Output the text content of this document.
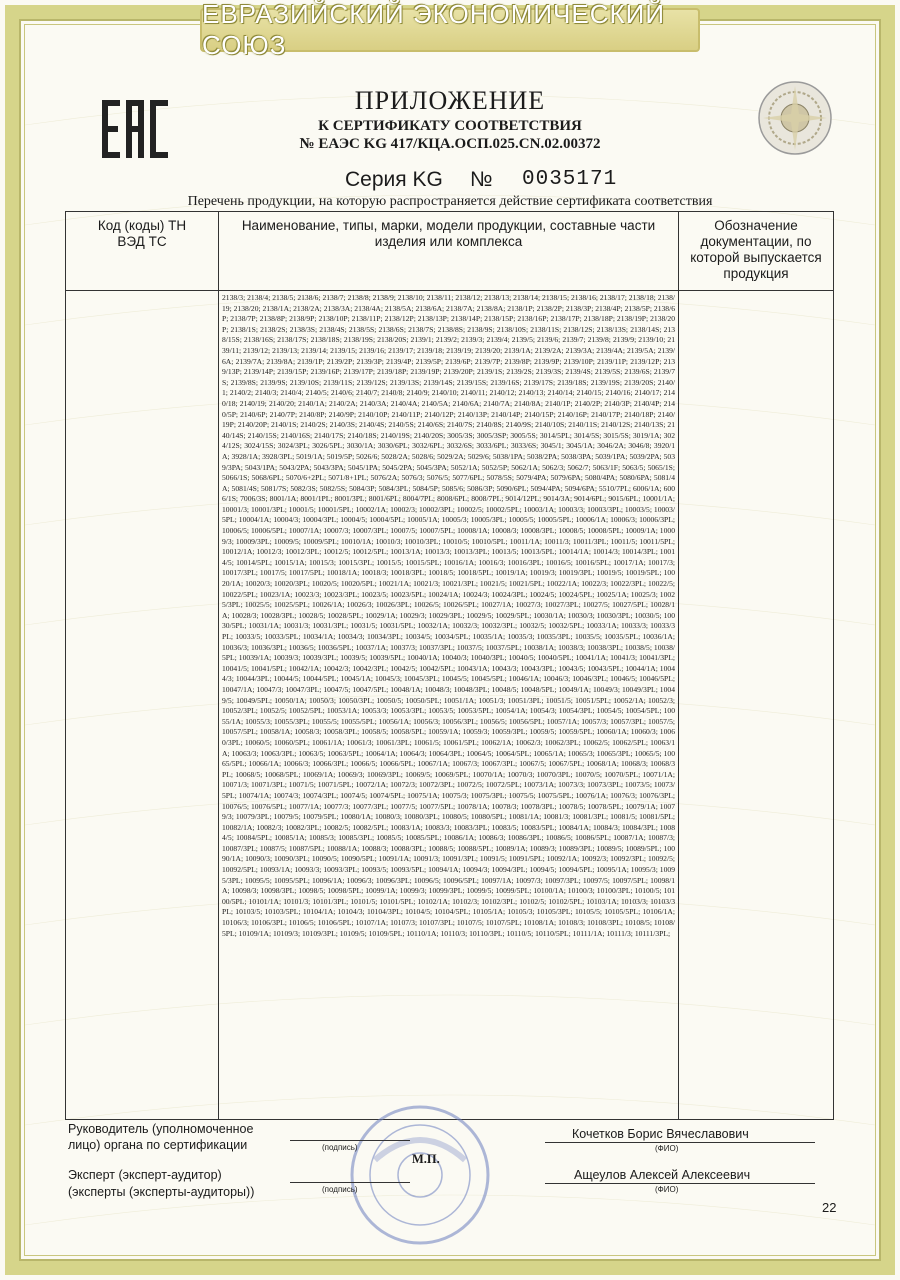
ЕВРАЗИЙСКИЙ ЭКОНОМИЧЕСКИЙ СОЮЗ
ПРИЛОЖЕНИЕ
К СЕРТИФИКАТУ СООТВЕТСТВИЯ
№ ЕАЭС KG 417/КЦА.ОСП.025.CN.02.00372
Серия KG № 0035171
Перечень продукции, на которую распространяется действие сертификата соответствия
Код (коды) ТН ВЭД ТС	Наименование, типы, марки, модели продукции, составные части изделия или комплекса	Обозначение документации, по которой выпускается продукция

	2138/3; 2138/4; 2138/5; 2138/6; 2138/7; 2138/8; 2138/9; 2138/10; 2138/11; 2138/12; 2138/13; 2138/14; 2138/15; 2138/16; 2138/17; 2138/18; 2138/19; 2138/20; 2138/1A; 2138/2A; 2138/3A; 2138/4A; 2138/5A; 2138/6A; 2138/7A; 2138/8A; 2138/1P; 2138/2P; 2138/3P; 2138/4P; 2138/5P; 2138/6P; 2138/7P; 2138/8P; 2138/9P; 2138/10P; 2138/11P; 2138/12P; 2138/13P; 2138/14P; 2138/15P; 2138/16P; 2138/17P; 2138/18P; 2138/19P; 2138/20P; 2138/1S; 2138/2S; 2138/3S; 2138/4S; 2138/5S; 2138/6S; 2138/7S; 2138/8S; 2138/9S; 2138/10S; 2138/11S; 2138/12S; 2138/13S; 2138/14S; 2138/15S; 2138/16S; 2138/17S; 2138/18S; 2138/19S; 2138/20S; 2139/1; 2139/2; 2139/3; 2139/4; 2139/5; 2139/6; 2139/7; 2139/8; 2139/9; 2139/10; 2139/11; 2139/12; 2139/13; 2139/14; 2139/15; 2139/16; 2139/17; 2139/18; 2139/19; 2139/20; 2139/1A; 2139/2A; 2139/3A; 2139/4A; 2139/5A; 2139/6A; 2139/7A; 2139/8A; 2139/1P; 2139/2P; 2139/3P; 2139/4P; 2139/5P; 2139/6P; 2139/7P; 2139/8P; 2139/9P; 2139/10P; 2139/11P; 2139/12P; 2139/13P; 2139/14P; 2139/15P; 2139/16P; 2139/17P; 2139/18P; 2139/19P; 2139/20P; 2139/1S; 2139/2S; 2139/3S; 2139/4S; 2139/5S; 2139/6S; 2139/7S; 2139/8S; 2139/9S; 2139/10S; 2139/11S; 2139/12S; 2139/13S; 2139/14S; 2139/15S; 2139/16S; 2139/17S; 2139/18S; 2139/19S; 2139/20S; 2140/1; 2140/2; 2140/3; 2140/4; 2140/5; 2140/6; 2140/7; 2140/8; 2140/9; 2140/10; 2140/11; 2140/12; 2140/13; 2140/14; 2140/15; 2140/16; 2140/17; 2140/18; 2140/19; 2140/20; 2140/1A; 2140/2A; 2140/3A; 2140/4A; 2140/5A; 2140/6A; 2140/7A; 2140/8A; 2140/1P; 2140/2P; 2140/3P; 2140/4P; 2140/5P; 2140/6P; 2140/7P; 2140/8P; 2140/9P; 2140/10P; 2140/11P; 2140/12P; 2140/13P; 2140/14P; 2140/15P; 2140/16P; 2140/17P; 2140/18P; 2140/19P; 2140/20P; 2140/1S; 2140/2S; 2140/3S; 2140/4S; 2140/5S; 2140/6S; 2140/7S; 2140/8S; 2140/9S; 2140/10S; 2140/11S; 2140/12S; 2140/13S; 2140/14S; 2140/15S; 2140/16S; 2140/17S; 2140/18S; 2140/19S; 2140/20S; 3005/3S; 3005/3SP; 3005/5S; 3014/5PL; 3014/5S; 3015/5S; 3019/1A; 3024/12S; 3024/15S; 3024/3PL; 3026/5PL; 3030/1A; 3030/6PL; 3032/6PL; 3032/6S; 3033/6PL; 3033/6S; 3045/1; 3045/1A; 3046/2A; 3046/8; 3920/1A; 3928/1A; 3928/3PL; 5019/1A; 5019/5P; 5026/6; 5028/2A; 5028/6; 5029/2A; 5029/6; 5038/1PA; 5038/2PA; 5038/3PA; 5039/1PA; 5039/2PA; 5039/3PA; 5043/1PA; 5043/2PA; 5043/3PA; 5045/1PA; 5045/2PA; 5045/3PA; 5052/1A; 5052/5P; 5062/1A; 5062/3; 5062/7; 5063/1F; 5063/5; 5065/1S; 5066/1S; 5068/6PL; 5070/6+2PL; 5071/8+1PL; 5076/2A; 5076/3; 5076/5; 5077/6PL; 5078/5S; 5079/4PA; 5079/6PA; 5080/4PA; 5080/6PA; 5081/4A; 5081/4S; 5081/7S; 5082/3S; 5082/5S; 5084/3P; 5084/3PL; 5084/5P; 5085/6; 5086/3P; 5090/6PL; 5094/4PA; 5094/6PA; 5510/7PL; 6006/1A; 6006/1S; 7006/3S; 8001/1A; 8001/1PL; 8001/3PL; 8001/6PL; 8004/7PL; 8008/6PL; 8008/7PL; 9014/12PL; 9014/3A; 9014/6PL; 9015/6PL; 10001/1A; 10001/3; 10001/3PL; 10001/5; 10001/5PL; 10002/1A; 10002/3; 10002/3PL; 10002/5; 10002/5PL; 10003/1A; 10003/3; 10003/3PL; 10003/5; 10003/5PL; 10004/1A; 10004/3; 10004/3PL; 10004/5; 10004/5PL; 10005/1A; 10005/3; 10005/3PL; 10005/5; 10005/5PL; 10006/1A; 10006/3; 10006/3PL; 10006/5; 10006/5PL; 10007/1A; 10007/3; 10007/3PL; 10007/5; 10007/5PL; 10008/1A; 10008/3; 10008/3PL; 10008/5; 10008/5PL; 10009/1A; 10009/3; 10009/3PL; 10009/5; 10009/5PL; 10010/1A; 10010/3; 10010/3PL; 10010/5; 10010/5PL; 10011/1A; 10011/3; 10011/3PL; 10011/5; 10011/5PL; 10012/1A; 10012/3; 10012/3PL; 10012/5; 10012/5PL; 10013/1A; 10013/3; 10013/3PL; 10013/5; 10013/5PL; 10014/1A; 10014/3; 10014/3PL; 10014/5; 10014/5PL; 10015/1A; 10015/3; 10015/3PL; 10015/5; 10015/5PL; 10016/1A; 10016/3; 10016/3PL; 10016/5; 10016/5PL; 10017/1A; 10017/3; 10017/3PL; 10017/5; 10017/5PL; 10018/1A; 10018/3; 10018/3PL; 10018/5; 10018/5PL; 10019/1A; 10019/3; 10019/3PL; 10019/5; 10019/5PL; 10020/1A; 10020/3; 10020/3PL; 10020/5; 10020/5PL; 10021/1A; 10021/3; 10021/3PL; 10021/5; 10021/5PL; 10022/1A; 10022/3; 10022/3PL; 10022/5; 10022/5PL; 10023/1A; 10023/3; 10023/3PL; 10023/5; 10023/5PL; 10024/1A; 10024/3; 10024/3PL; 10024/5; 10024/5PL; 10025/1A; 10025/3; 10025/3PL; 10025/5; 10025/5PL; 10026/1A; 10026/3; 10026/3PL; 10026/5; 10026/5PL; 10027/1A; 10027/3; 10027/3PL; 10027/5; 10027/5PL; 10028/1A; 10028/3; 10028/3PL; 10028/5; 10028/5PL; 10029/1A; 10029/3; 10029/3PL; 10029/5; 10029/5PL; 10030/1A; 10030/3; 10030/3PL; 10030/5; 10030/5PL; 10031/1A; 10031/3; 10031/3PL; 10031/5; 10031/5PL; 10032/1A; 10032/3; 10032/3PL; 10032/5; 10032/5PL; 10033/1A; 10033/3; 10033/3PL; 10033/5; 10033/5PL; 10034/1A; 10034/3; 10034/3PL; 10034/5; 10034/5PL; 10035/1A; 10035/3; 10035/3PL; 10035/5; 10035/5PL; 10036/1A; 10036/3; 10036/3PL; 10036/5; 10036/5PL; 10037/1A; 10037/3; 10037/3PL; 10037/5; 10037/5PL; 10038/1A; 10038/3; 10038/3PL; 10038/5; 10038/5PL; 10039/1A; 10039/3; 10039/3PL; 10039/5; 10039/5PL; 10040/1A; 10040/3; 10040/3PL; 10040/5; 10040/5PL; 10041/1A; 10041/3; 10041/3PL; 10041/5; 10041/5PL; 10042/1A; 10042/3; 10042/3PL; 10042/5; 10042/5PL; 10043/1A; 10043/3; 10043/3PL; 10043/5; 10043/5PL; 10044/1A; 10044/3; 10044/3PL; 10044/5; 10044/5PL; 10045/1A; 10045/3; 10045/3PL; 10045/5; 10045/5PL; 10046/1A; 10046/3; 10046/3PL; 10046/5; 10046/5PL; 10047/1A; 10047/3; 10047/3PL; 10047/5; 10047/5PL; 10048/1A; 10048/3; 10048/3PL; 10048/5; 10048/5PL; 10049/1A; 10049/3; 10049/3PL; 10049/5; 10049/5PL; 10050/1A; 10050/3; 10050/3PL; 10050/5; 10050/5PL; 10051/1A; 10051/3; 10051/3PL; 10051/5; 10051/5PL; 10052/1A; 10052/3; 10052/3PL; 10052/5; 10052/5PL; 10053/1A; 10053/3; 10053/3PL; 10053/5; 10053/5PL; 10054/1A; 10054/3; 10054/3PL; 10054/5; 10054/5PL; 10055/1A; 10055/3; 10055/3PL; 10055/5; 10055/5PL; 10056/1A; 10056/3; 10056/3PL; 10056/5; 10056/5PL; 10057/1A; 10057/3; 10057/3PL; 10057/5; 10057/5PL; 10058/1A; 10058/3; 10058/3PL; 10058/5; 10058/5PL; 10059/1A; 10059/3; 10059/3PL; 10059/5; 10059/5PL; 10060/1A; 10060/3; 10060/3PL; 10060/5; 10060/5PL; 10061/1A; 10061/3; 10061/3PL; 10061/5; 10061/5PL; 10062/1A; 10062/3; 10062/3PL; 10062/5; 10062/5PL; 10063/1A; 10063/3; 10063/3PL; 10063/5; 10063/5PL; 10064/1A; 10064/3; 10064/3PL; 10064/5; 10064/5PL; 10065/1A; 10065/3; 10065/3PL; 10065/5; 10065/5PL; 10066/1A; 10066/3; 10066/3PL; 10066/5; 10066/5PL; 10067/1A; 10067/3; 10067/3PL; 10067/5; 10067/5PL; 10068/1A; 10068/3; 10068/3PL; 10068/5; 10068/5PL; 10069/1A; 10069/3; 10069/3PL; 10069/5; 10069/5PL; 10070/1A; 10070/3; 10070/3PL; 10070/5; 10070/5PL; 10071/1A; 10071/3; 10071/3PL; 10071/5; 10071/5PL; 10072/1A; 10072/3; 10072/3PL; 10072/5; 10072/5PL; 10073/1A; 10073/3; 10073/3PL; 10073/5; 10073/5PL; 10074/1A; 10074/3; 10074/3PL; 10074/5; 10074/5PL; 10075/1A; 10075/3; 10075/3PL; 10075/5; 10075/5PL; 10076/1A; 10076/3; 10076/3PL; 10076/5; 10076/5PL; 10077/1A; 10077/3; 10077/3PL; 10077/5; 10077/5PL; 10078/1A; 10078/3; 10078/3PL; 10078/5; 10078/5PL; 10079/1A; 10079/3; 10079/3PL; 10079/5; 10079/5PL; 10080/1A; 10080/3; 10080/3PL; 10080/5; 10080/5PL; 10081/1A; 10081/3; 10081/3PL; 10081/5; 10081/5PL; 10082/1A; 10082/3; 10082/3PL; 10082/5; 10082/5PL; 10083/1A; 10083/3; 10083/3PL; 10083/5; 10083/5PL; 10084/1A; 10084/3; 10084/3PL; 10084/5; 10084/5PL; 10085/1A; 10085/3; 10085/3PL; 10085/5; 10085/5PL; 10086/1A; 10086/3; 10086/3PL; 10086/5; 10086/5PL; 10087/1A; 10087/3; 10087/3PL; 10087/5; 10087/5PL; 10088/1A; 10088/3; 10088/3PL; 10088/5; 10088/5PL; 10089/1A; 10089/3; 10089/3PL; 10089/5; 10089/5PL; 10090/1A; 10090/3; 10090/3PL; 10090/5; 10090/5PL; 10091/1A; 10091/3; 10091/3PL; 10091/5; 10091/5PL; 10092/1A; 10092/3; 10092/3PL; 10092/5; 10092/5PL; 10093/1A; 10093/3; 10093/3PL; 10093/5; 10093/5PL; 10094/1A; 10094/3; 10094/3PL; 10094/5; 10094/5PL; 10095/1A; 10095/3; 10095/3PL; 10095/5; 10095/5PL; 10096/1A; 10096/3; 10096/3PL; 10096/5; 10096/5PL; 10097/1A; 10097/3; 10097/3PL; 10097/5; 10097/5PL; 10098/1A; 10098/3; 10098/3PL; 10098/5; 10098/5PL; 10099/1A; 10099/3; 10099/3PL; 10099/5; 10099/5PL; 10100/1A; 10100/3; 10100/3PL; 10100/5; 10100/5PL; 10101/1A; 10101/3; 10101/3PL; 10101/5; 10101/5PL; 10102/1A; 10102/3; 10102/3PL; 10102/5; 10102/5PL; 10103/1A; 10103/3; 10103/3PL; 10103/5; 10103/5PL; 10104/1A; 10104/3; 10104/3PL; 10104/5; 10104/5PL; 10105/1A; 10105/3; 10105/3PL; 10105/5; 10105/5PL; 10106/1A; 10106/3; 10106/3PL; 10106/5; 10106/5PL; 10107/1A; 10107/3; 10107/3PL; 10107/5; 10107/5PL; 10108/1A; 10108/3; 10108/3PL; 10108/5; 10108/5PL; 10109/1A; 10109/3; 10109/3PL; 10109/5; 10109/5PL; 10110/1A; 10110/3; 10110/3PL; 10110/5; 10110/5PL; 10111/1A; 10111/3; 10111/3PL;	

Руководитель (уполномоченное
лицо) органа по сертификации	(подпись)
Кочетков Борис Вячеславович
(ФИО)
М.П.
Эксперт (эксперт-аудитор)
(эксперты (эксперты-аудиторы))	(подпись)
Ащеулов Алексей Алексеевич
(ФИО)
22
